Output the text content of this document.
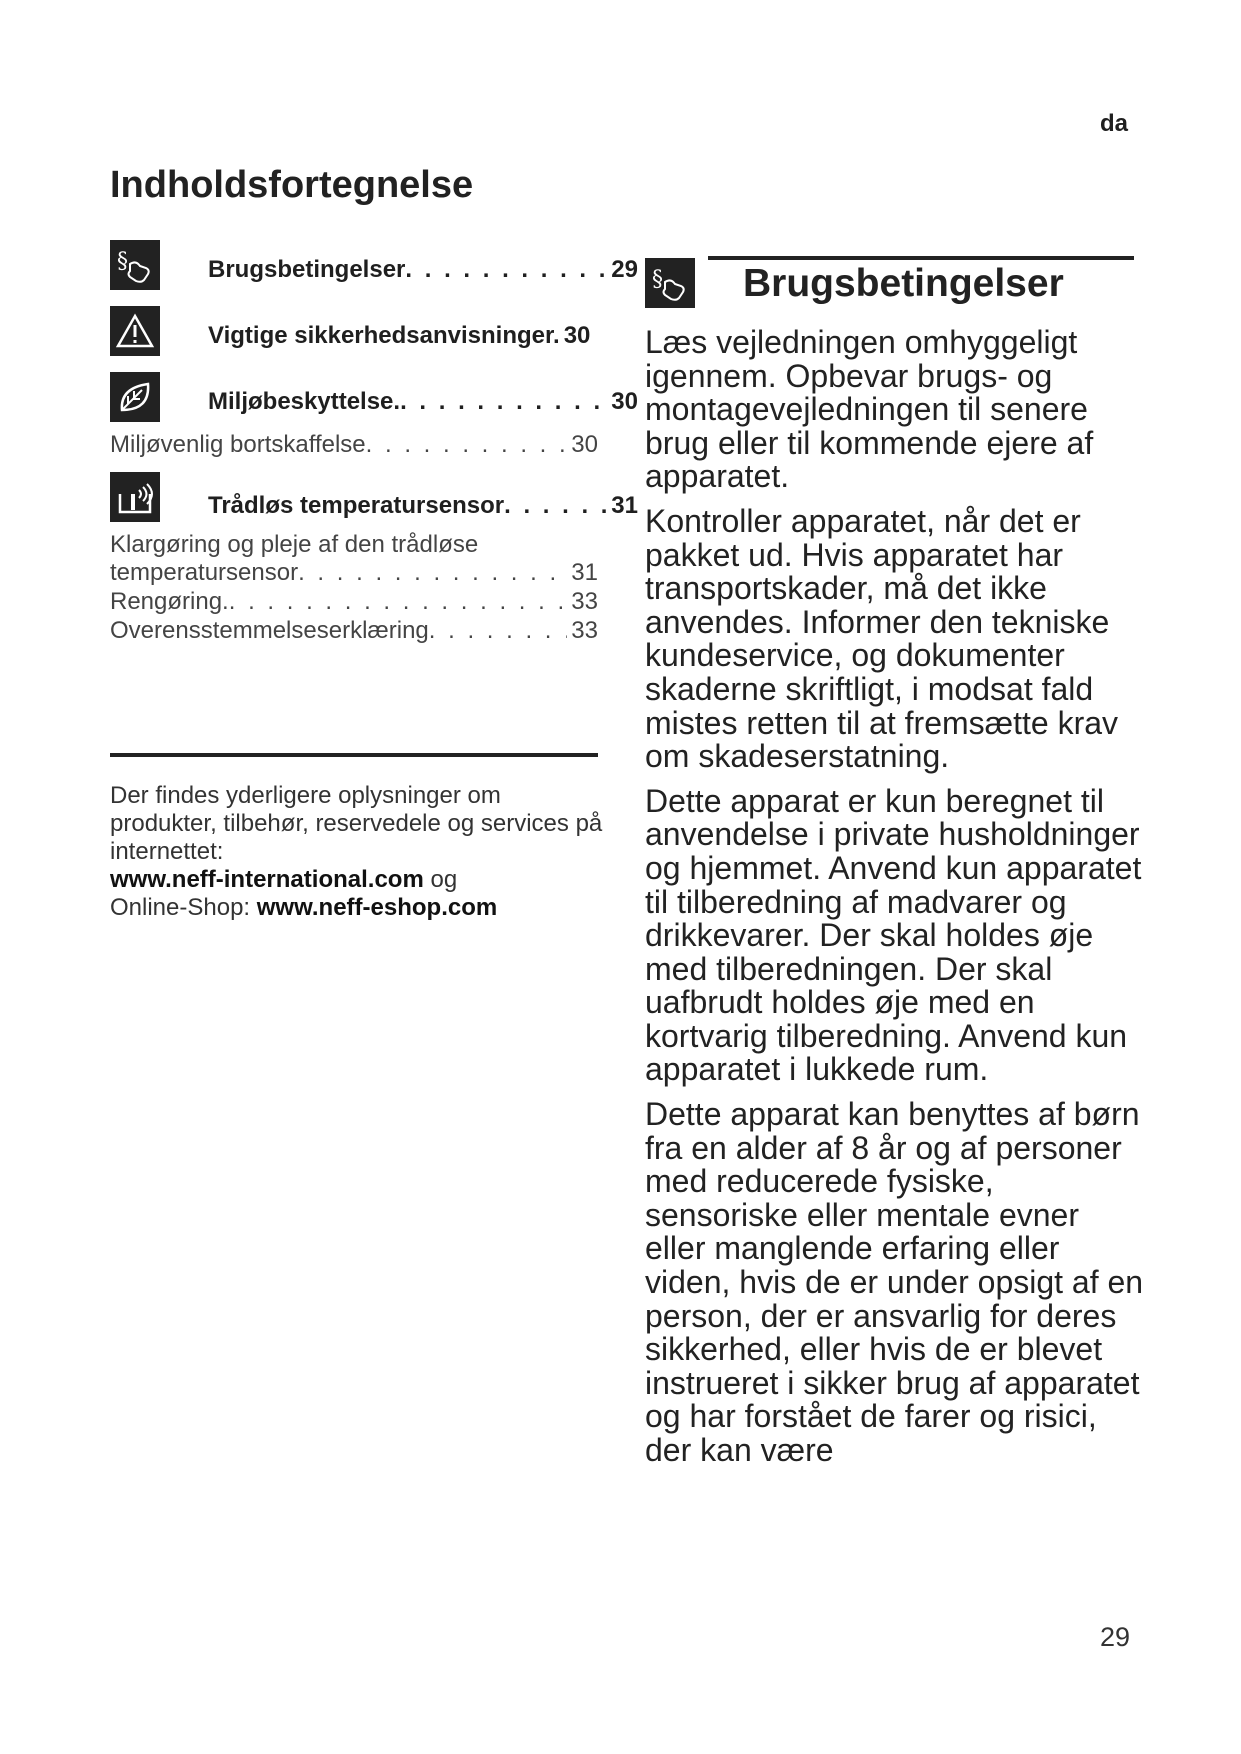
da
Indholdsfortegnelse
§	Brugsbetingelser . . .	29
Vigtige sikkerhedsanvisninger. 30
Miljøbeskyttelse. . . .	30
Miljøvenlig bortskaffelse . . .	30
Trådløs temperatursensor . . .	31
Klargøring og pleje af den trådløse
temperatursensor . . .	31
Rengøring. . . .	33
Overensstemmelseserklæring . . .	33
Der findes yderligere oplysninger om produkter, tilbehør, reservedele og services på internettet:
www.neff-international.com og
Online-Shop: www.neff-eshop.com
§ Brugsbetingelser

Læs vejledningen omhyggeligt igennem. Opbevar brugs- og montagevejledningen til senere brug eller til kommende ejere af apparatet.

Kontroller apparatet, når det er pakket ud. Hvis apparatet har transportskader, må det ikke anvendes. Informer den tekniske kundeservice, og dokumenter skaderne skriftligt, i modsat fald mistes retten til at fremsætte krav om skadeserstatning.

Dette apparat er kun beregnet til anvendelse i private husholdninger og hjemmet. Anvend kun apparatet til tilberedning af madvarer og drikkevarer. Der skal holdes øje med tilberedningen. Der skal uafbrudt holdes øje med en kortvarig tilberedning. Anvend kun apparatet i lukkede rum.

Dette apparat kan benyttes af børn fra en alder af 8 år og af personer med reducerede fysiske, sensoriske eller mentale evner eller manglende erfaring eller viden, hvis de er under opsigt af en person, der er ansvarlig for deres sikkerhed, eller hvis de er blevet instrueret i sikker brug af apparatet og har forstået de farer og risici, der kan være

29
